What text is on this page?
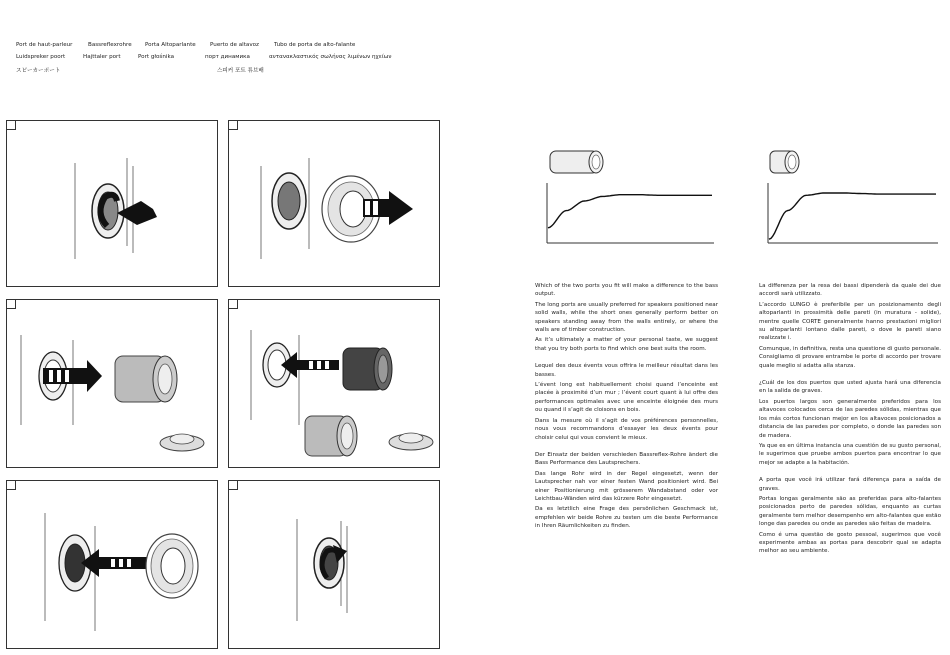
Port de haut-parleur	Bassreflexrohre Porta Altoparlante	Puerto de altavoz	Tubo de porta de alto-falante
Luidspreker poort	Hajttaler port	Port głośnika	порт динамика	αντανακλαστικός σωλήνας λιμένων ηχείων
スピーカーポート	스피커 포트 튜브배

Which of the two ports you fit will make a difference to the bass output.

The long ports are usually preferred for speakers positioned near solid walls, while the short ones generally perform better on speakers standing away from the walls entirely, or where the walls are of timber construction.

As it’s ultimately a matter of your personal taste, we suggest that you try both ports to find which one best suits the room.

Lequel des deux évents vous offrira le meilleur résultat dans les basses.

L’évent long est habituellement choisi quand l’enceinte est placée à proximité d’un mur ; l’évent court quant à lui offre des performances optimales avec une enceinte éloignée des murs ou quand il s’agit de cloisons en bois.

Dans la mesure où il s’agit de vos préférences personnelles, nous vous recommandons d’essayer les deux évents pour choisir celui qui vous convient le mieux.

Der Einsatz der beiden verschieden Bassreflex-Rohre ändert die Bass Performance des Lautsprechers.

Das lange Rohr wird in der Regel eingesetzt, wenn der Lautsprecher nah vor einer festen Wand positioniert wird. Bei einer Positionierung mit grösserem Wandabstand oder vor Leichtbau-Wänden wird das kürzere Rohr eingesetzt.

Da es letztlich eine Frage des persönlichen Geschmack ist, empfehlen wir beide Rohre zu testen um die beste Performance in Ihren Räumlichkeiten zu finden.

La differenza per la resa dei bassi dipenderà da quale dei due accordi sarà utilizzato.

L’accordo LUNGO è preferibile per un posizionamento degli altoparlanti in prossimità delle pareti (in muratura - solide), mentre quelle CORTE generalmente hanno prestazioni migliori su altoparlanti lontano dalle pareti, o dove le pareti siano realizzate i.

Comunque, in definitiva, resta una questione di gusto personale. Consigliamo di provare entrambe le porte di accordo per trovare quale meglio si adatta alla stanza.

¿Cuál de los dos puertos que usted ajusta hará una diferencia en la salida de graves.

Los puertos largos son generalmente preferidos para los altavoces colocados cerca de las paredes sólidas, mientras que los más cortos funcionan mejor en los altavoces posicionados a distancia de las paredes por completo, o donde las paredes son de madera.

Ya que es en última instancia una cuestión de su gusto personal, le sugerimos que pruebe ambos puertos para encontrar lo que mejor se adapte a la habitación.

A porta que você irá utilizar fará diferença para a saída de graves.

Portas longas geralmente são as preferidas para alto-falantes posicionados perto de paredes sólidas, enquanto as curtas geralmente tem melhor desempenho em alto-falantes que estão longe das paredes ou onde as paredes são feitas de madeira.

Como é uma questão de gosto pessoal, sugerimos que você experimente ambas as portas para descobrir qual se adapta melhor ao seu ambiente.
